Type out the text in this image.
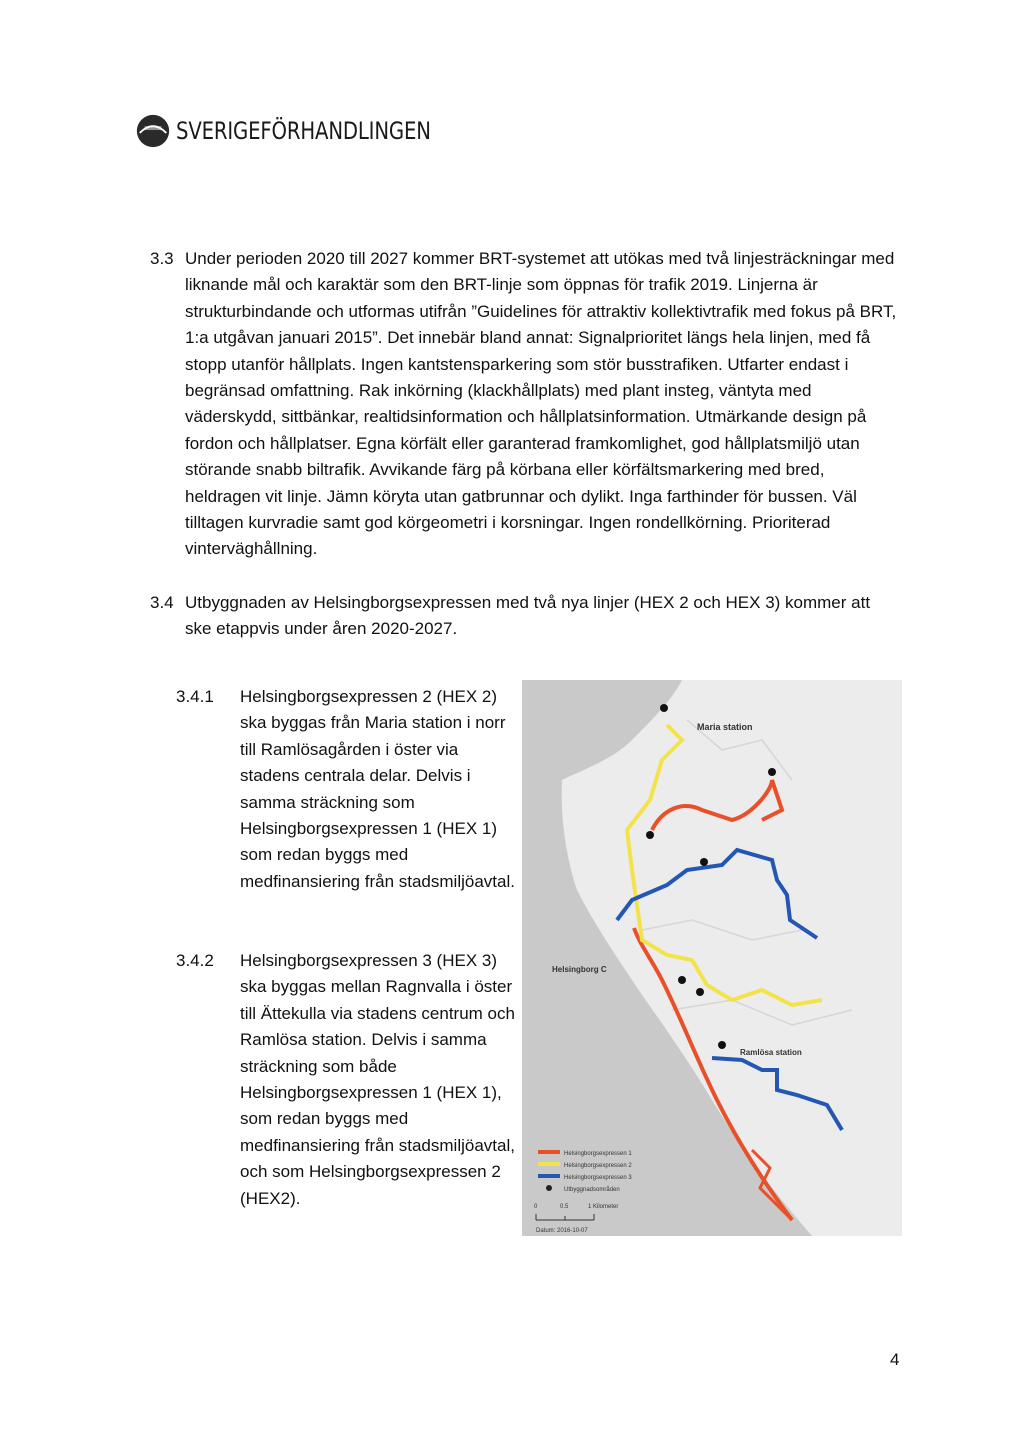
SVERIGEFÖRHANDLINGEN
3.3 Under perioden 2020 till 2027 kommer BRT-systemet att utökas med två linjesträckningar med liknande mål och karaktär som den BRT-linje som öppnas för trafik 2019. Linjerna är strukturbindande och utformas utifrån ”Guidelines för attraktiv kollektivtrafik med fokus på BRT, 1:a utgåvan januari 2015”. Det innebär bland annat: Signalprioritet längs hela linjen, med få stopp utanför hållplats. Ingen kantstensparkering som stör busstrafiken. Utfarter endast i begränsad omfattning. Rak inkörning (klackhållplats) med plant insteg, väntyta med väderskydd, sittbänkar, realtidsinformation och hållplatsinformation. Utmärkande design på fordon och hållplatser. Egna körfält eller garanterad framkomlighet, god hållplatsmiljö utan störande snabb biltrafik. Avvikande färg på körbana eller körfältsmarkering med bred, heldragen vit linje. Jämn köryta utan gatbrunnar och dylikt. Inga farthinder för bussen. Väl tilltagen kurvradie samt god körgeometri i korsningar. Ingen rondellkörning. Prioriterad vinterväghållning.

3.4 Utbyggnaden av Helsingborgsexpressen med två nya linjer (HEX 2 och HEX 3) kommer att ske etappvis under åren 2020-2027.

3.4.1	Helsingborgsexpressen 2 (HEX 2) ska byggas från Maria station i norr till Ramlösagården i öster via stadens centrala delar. Delvis i samma sträckning som Helsingborgsexpressen 1 (HEX 1) som redan byggs med medfinansiering från stadsmiljöavtal.

3.4.2	Helsingborgsexpressen 3 (HEX 3) ska byggas mellan Ragnvalla i öster till Ättekulla via stadens centrum och Ramlösa station. Delvis i samma sträckning som både Helsingborgsexpressen 1 (HEX 1), som redan byggs med medfinansiering från stadsmiljöavtal, och som Helsingborgsexpressen 2 (HEX2).

Maria station
Helsingborg C
Ramlösa station
Helsingborgsexpressen 1
Helsingborgsexpressen 2
Helsingborgsexpressen 3
Utbyggnadsområden
0	0.5	1 Kilometer
Datum: 2016-10-07
4
